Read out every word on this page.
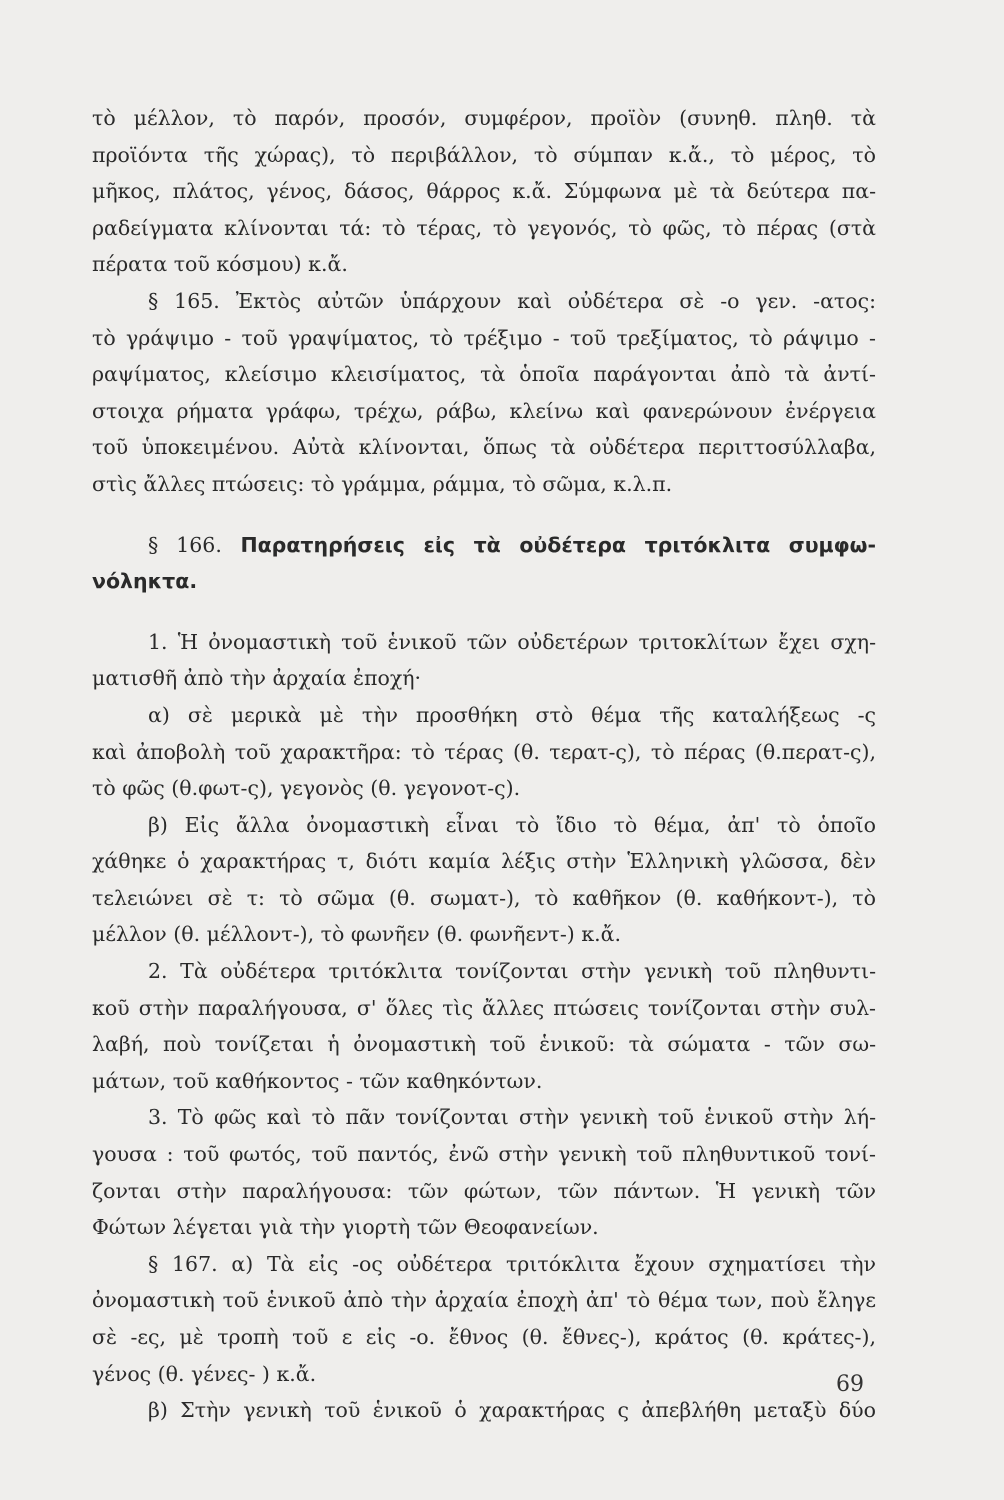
τὸ μέλλον, τὸ παρόν, προσόν, συμφέρον, προϊὸν (συνηθ. πληθ. τὰ
προϊόντα τῆς χώρας), τὸ περιβάλλον, τὸ σύμπαν κ.ἄ., τὸ μέρος, τὸ
μῆκος, πλάτος, γένος, δάσος, θάρρος κ.ἄ. Σύμφωνα μὲ τὰ δεύτερα πα-
ραδείγματα κλίνονται τά: τὸ τέρας, τὸ γεγονός, τὸ φῶς, τὸ πέρας (στὰ
πέρατα τοῦ κόσμου) κ.ἄ.
§ 165. Ἐκτὸς αὐτῶν ὑπάρχουν καὶ οὐδέτερα σὲ -ο γεν. -ατος:
τὸ γράψιμο - τοῦ γραψίματος, τὸ τρέξιμο - τοῦ τρεξίματος, τὸ ράψιμο -
ραψίματος, κλείσιμο κλεισίματος, τὰ ὁποῖα παράγονται ἀπὸ τὰ ἀντί-
στοιχα ρήματα γράφω, τρέχω, ράβω, κλείνω καὶ φανερώνουν ἐνέργεια
τοῦ ὑποκειμένου. Αὐτὰ κλίνονται, ὅπως τὰ οὐδέτερα περιττοσύλλαβα,
στὶς ἄλλες πτώσεις: τὸ γράμμα, ράμμα, τὸ σῶμα, κ.λ.π.
§ 166. Παρατηρήσεις εἰς τὰ οὐδέτερα τριτόκλιτα συμφω-
νόληκτα.
1. Ἡ ὀνομαστικὴ τοῦ ἑνικοῦ τῶν οὐδετέρων τριτοκλίτων ἔχει σχη-
ματισθῆ ἀπὸ τὴν ἀρχαία ἐποχή·
α) σὲ μερικὰ μὲ τὴν προσθήκη στὸ θέμα τῆς καταλήξεως -ς
καὶ ἀποβολὴ τοῦ χαρακτῆρα: τὸ τέρας (θ. τερατ-ς), τὸ πέρας (θ.περατ-ς),
τὸ φῶς (θ.φωτ-ς), γεγονὸς (θ. γεγονοτ-ς).
β) Εἰς ἄλλα ὀνομαστικὴ εἶναι τὸ ἴδιο τὸ θέμα, ἀπ' τὸ ὁποῖο
χάθηκε ὁ χαρακτήρας τ, διότι καμία λέξις στὴν Ἑλληνικὴ γλῶσσα, δὲν
τελειώνει σὲ τ: τὸ σῶμα (θ. σωματ-), τὸ καθῆκον (θ. καθήκοντ-), τὸ
μέλλον (θ. μέλλοντ-), τὸ φωνῆεν (θ. φωνῆεντ-) κ.ἄ.
2. Τὰ οὐδέτερα τριτόκλιτα τονίζονται στὴν γενικὴ τοῦ πληθυντι-
κοῦ στὴν παραλήγουσα, σ' ὅλες τὶς ἄλλες πτώσεις τονίζονται στὴν συλ-
λαβή, ποὺ τονίζεται ἡ ὀνομαστικὴ τοῦ ἑνικοῦ: τὰ σώματα - τῶν σω-
μάτων, τοῦ καθήκοντος - τῶν καθηκόντων.
3. Τὸ φῶς καὶ τὸ πᾶν τονίζονται στὴν γενικὴ τοῦ ἑνικοῦ στὴν λή-
γουσα : τοῦ φωτός, τοῦ παντός, ἐνῶ στὴν γενικὴ τοῦ πληθυντικοῦ τονί-
ζονται στὴν παραλήγουσα: τῶν φώτων, τῶν πάντων. Ἡ γενικὴ τῶν
Φώτων λέγεται γιὰ τὴν γιορτὴ τῶν Θεοφανείων.
§ 167. α) Τὰ εἰς -ος οὐδέτερα τριτόκλιτα ἔχουν σχηματίσει τὴν
ὀνομαστικὴ τοῦ ἑνικοῦ ἀπὸ τὴν ἀρχαία ἐποχὴ ἀπ' τὸ θέμα των, ποὺ ἔληγε
σὲ -ες, μὲ τροπὴ τοῦ ε εἰς -ο. ἔθνος (θ. ἔθνες-), κράτος (θ. κράτες-),
γένος (θ. γένες- ) κ.ἄ.
β) Στὴν γενικὴ τοῦ ἑνικοῦ ὁ χαρακτήρας ς ἀπεβλήθη μεταξὺ δύο
69
